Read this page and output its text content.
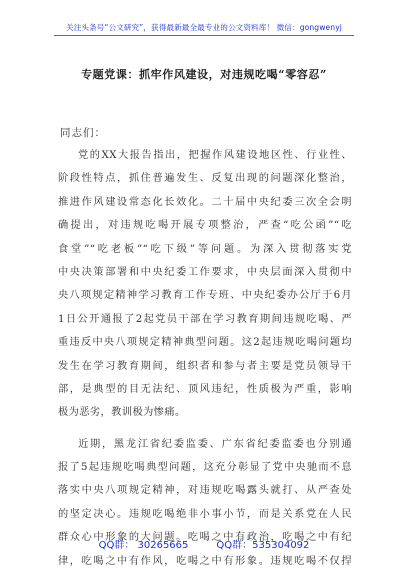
关注头条号“公文研究”，获得最新最全最专业的公文资料库！ 微信：gongwenyj
专题党课：抓牢作风建设，对违规吃喝“零容忍”
同志们：
党的XX大报告指出，把握作风建设地区性、行业性、
阶段性特点，抓住普遍发生、反复出现的问题深化整治，
推进作风建设常态化长效化。二十届中央纪委三次全会明
确提出，对违规吃喝开展专项整治，严查“吃公函”“吃
食堂”“吃老板”“吃下级”等问题。为深入贯彻落实党
中央决策部署和中央纪委工作要求，中央层面深入贯彻中
央八项规定精神学习教育工作专班、中央纪委办公厅于6月
1日公开通报了2起党员干部在学习教育期间违规吃喝、严
重违反中央八项规定精神典型问题。这2起违规吃喝问题均
发生在学习教育期间，组织者和参与者主要是党员领导干
部，是典型的目无法纪、顶风违纪，性质极为严重，影响
极为恶劣，教训极为惨痛。
近期，黑龙江省纪委监委、广东省纪委监委也分别通
报了5起违规吃喝典型问题，这充分彰显了党中央驰而不息
落实中央八项规定精神，对违规吃喝露头就打、从严查处
的坚定决心。违规吃喝绝非小事小节，而是关系党在人民
群众心中形象的大问题。吃喝之中有政治，吃喝之中有纪
律，吃喝之中有作风，吃喝之中有形象。违规吃喝不仅捍
QQ群： 30265665	QQ群：535304092
